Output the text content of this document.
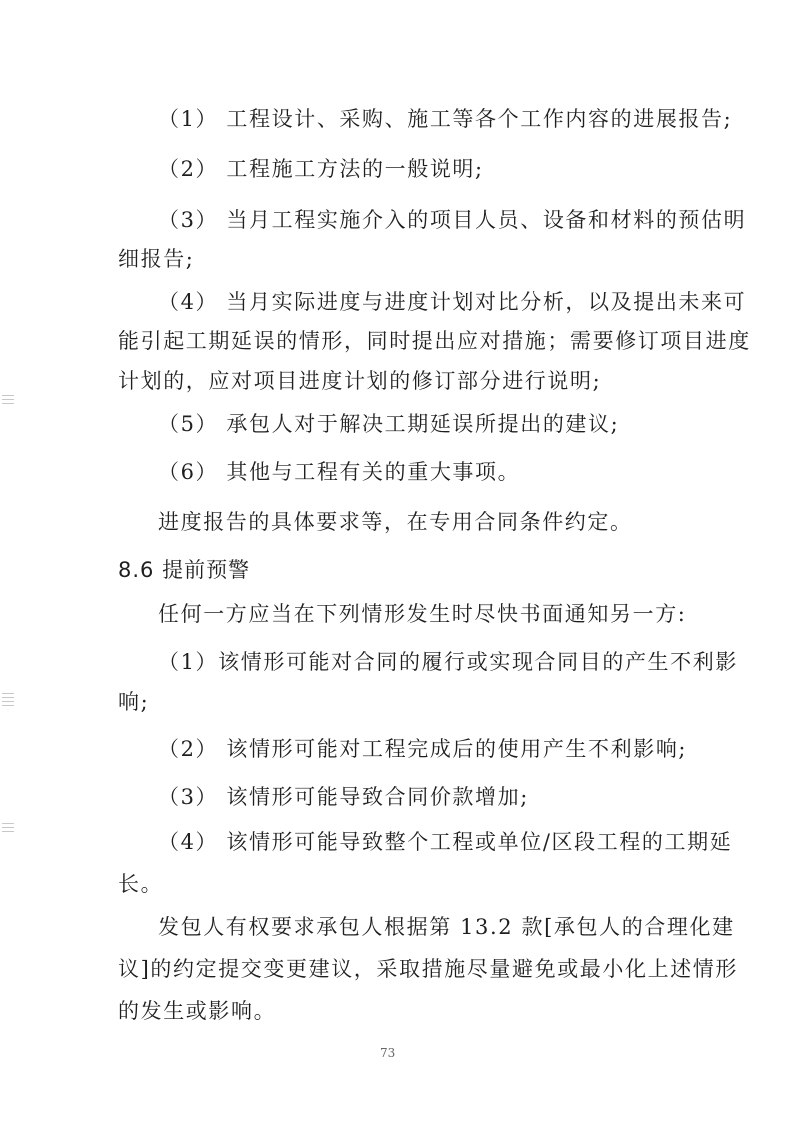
（1） 工程设计、采购、施工等各个工作内容的进展报告;
（2） 工程施工方法的一般说明;
（3） 当月工程实施介入的项目人员、设备和材料的预估明
细报告;
（4） 当月实际进度与进度计划对比分析，以及提出未来可
能引起工期延误的情形，同时提出应对措施；需要修订项目进度
计划的，应对项目进度计划的修订部分进行说明;
（5） 承包人对于解决工期延误所提出的建议;
（6） 其他与工程有关的重大事项。
进度报告的具体要求等，在专用合同条件约定。
8.6 提前预警
任何一方应当在下列情形发生时尽快书面通知另一方:
（1）该情形可能对合同的履行或实现合同目的产生不利影
响;
（2） 该情形可能对工程完成后的使用产生不利影响;
（3） 该情形可能导致合同价款增加;
（4） 该情形可能导致整个工程或单位/区段工程的工期延
长。
发包人有权要求承包人根据第 13.2 款[承包人的合理化建
议]的约定提交变更建议，采取措施尽量避免或最小化上述情形
的发生或影响。
73
